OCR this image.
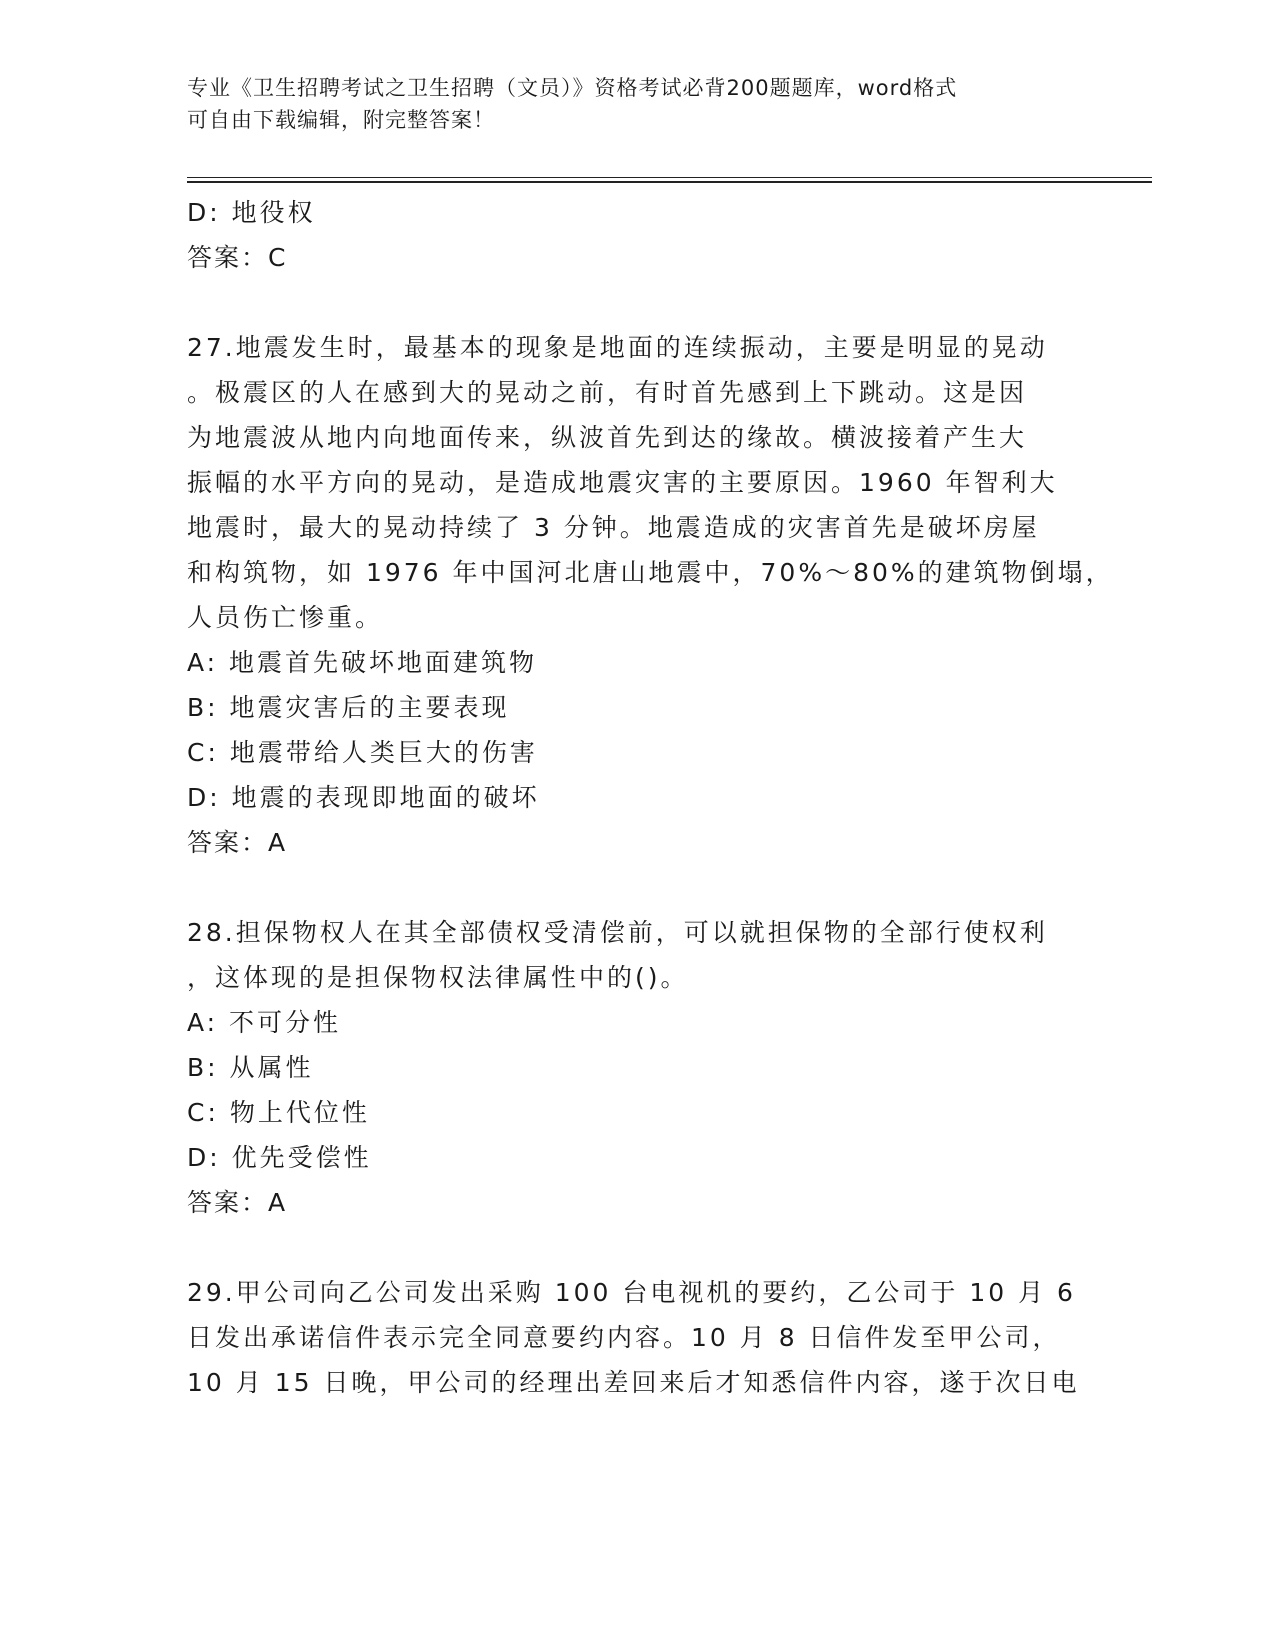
专业《卫生招聘考试之卫生招聘（文员）》资格考试必背200题题库，word格式
可自由下载编辑，附完整答案！
D: 地役权
答案：C
27.地震发生时，最基本的现象是地面的连续振动，主要是明显的晃动
。极震区的人在感到大的晃动之前，有时首先感到上下跳动。这是因
为地震波从地内向地面传来，纵波首先到达的缘故。横波接着产生大
振幅的水平方向的晃动，是造成地震灾害的主要原因。1960 年智利大
地震时，最大的晃动持续了 3 分钟。地震造成的灾害首先是破坏房屋
和构筑物，如 1976 年中国河北唐山地震中，70%～80%的建筑物倒塌，
人员伤亡惨重。
A: 地震首先破坏地面建筑物
B: 地震灾害后的主要表现
C: 地震带给人类巨大的伤害
D: 地震的表现即地面的破坏
答案：A
28.担保物权人在其全部债权受清偿前，可以就担保物的全部行使权利
，这体现的是担保物权法律属性中的()。
A: 不可分性
B: 从属性
C: 物上代位性
D: 优先受偿性
答案：A
29.甲公司向乙公司发出采购 100 台电视机的要约，乙公司于 10 月 6
日发出承诺信件表示完全同意要约内容。10 月 8 日信件发至甲公司，
10 月 15 日晚，甲公司的经理出差回来后才知悉信件内容，遂于次日电
